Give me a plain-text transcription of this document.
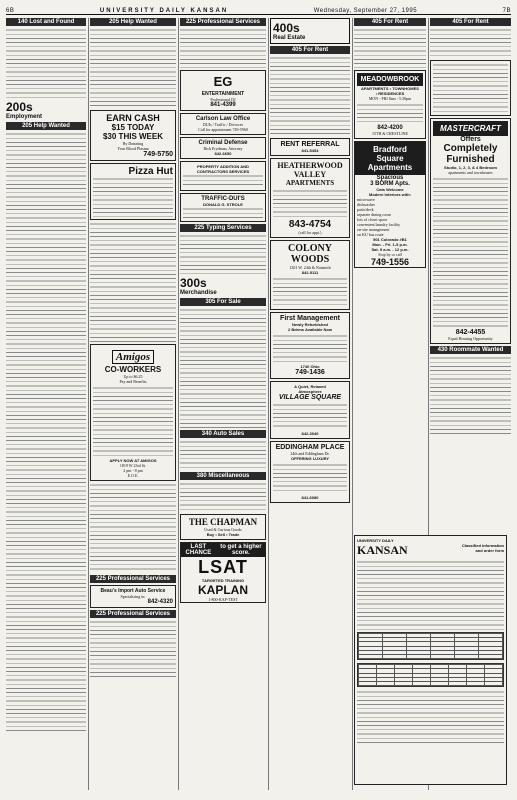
6B	UNIVERSITY DAILY KANSAN	Wednesday, September 27, 1995	7B
140 Lost and Found
200s
Employment
205 Help Wanted
205 Help Wanted
EARN CASH
$15 TODAY
$30 THIS WEEK
By Donating
Your Blood Plasma
749-5750
Pizza Hut
Amigos
CO-WORKERS
Up to $6.25
Pay and Benefits
APPLY NOW AT AMIGOS
1819 W 23rd St.
2 pm - 8 pm
E.O.E.
225 Professional Services
Beau's Import Auto Service
Specializing in:
842-4320
225 Professional Services
225 Professional Services
EG
ENTERTAINMENT
Professional DJ
841-4399
Carlson Law Office
DUIs / Traffic / Divorces
Call for appointment 749-5960
Criminal Defense
Rick Frydman, Attorney
842-6650
PROPERTY ADDITION AND
CONTRACTORS SERVICES
TRAFFIC-DUI'S
DONALD G. STROLE
225 Typing Services
300s
Merchandise
305 For Sale
340 Auto Sales
380 Miscellaneous
THE CHAPMAN
Used & Curious Goods
Buy • Sell • Trade
LAST CHANCE
to get a higher score.
LSAT
TARGETED TRAINING
KAPLAN
1-800-KAP-TEST
400s
Real Estate
405 For Rent
RENT REFERRAL
841-5454
HEATHERWOOD
VALLEY
APARTMENTS
843-4754
(call for appt.)
COLONY
WOODS
1301 W. 24th & Naismith
842-5111
First Management
Newly Refurbished
2 Bdrms Available Now
1740 Ohio
749-1436
A Quiet, Relaxed
Atmosphere
VILLAGE SQUARE
842-3040
EDDINGHAM PLACE
24th and Eddingham Dr.
OFFERING LUXURY
841-6080
405 For Rent
MEADOWBROOK
APARTMENTS • TOWNHOMES
• RESIDENCES
MON - FRI 8am - 5:30pm
842-4200
15TH & CRESTLINE
Bradford
Square
Apartments
Spacious
3 BORM Apts.
Cats Welcome
Modern Interiors with:
microwave
dishwasher
patio/deck
separate dining room
lots of closet space
convenient laundry facility
on-site management
on KU bus route
501 Colorado #B1
Mon. - Fri. 1-5 p.m.
Sat. 9 a.m. - 12 p.m.
Stop by or call
749-1556
UNIVERSITY DAILY
KANSAN	Classified information
and order form

405 For Rent
MASTERCRAFT
Offers
Completely
Furnished
Studio, 1, 2, 3, & 4 Bedroom
apartments and townhouses
842-4455
Equal Housing Opportunity
430 Roommate Wanted
